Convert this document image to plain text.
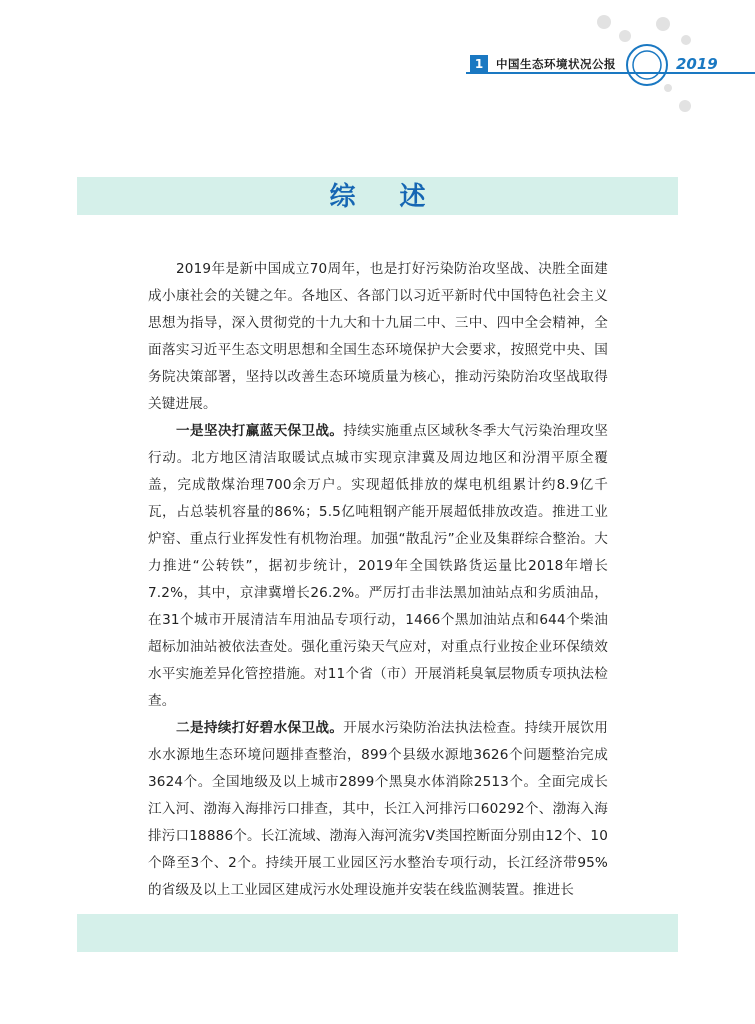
1	中国生态环境状况公报	2019
综述

2019年是新中国成立70周年，也是打好污染防治攻坚战、决胜全面建成小康社会的关键之年。各地区、各部门以习近平新时代中国特色社会主义思想为指导，深入贯彻党的十九大和十九届二中、三中、四中全会精神，全面落实习近平生态文明思想和全国生态环境保护大会要求，按照党中央、国务院决策部署，坚持以改善生态环境质量为核心，推动污染防治攻坚战取得关键进展。

一是坚决打赢蓝天保卫战。持续实施重点区域秋冬季大气污染治理攻坚行动。北方地区清洁取暖试点城市实现京津冀及周边地区和汾渭平原全覆盖，完成散煤治理700余万户。实现超低排放的煤电机组累计约8.9亿千瓦，占总装机容量的86%；5.5亿吨粗钢产能开展超低排放改造。推进工业炉窑、重点行业挥发性有机物治理。加强“散乱污”企业及集群综合整治。大力推进“公转铁”，据初步统计，2019年全国铁路货运量比2018年增长7.2%，其中，京津冀增长26.2%。严厉打击非法黑加油站点和劣质油品，在31个城市开展清洁车用油品专项行动，1466个黑加油站点和644个柴油超标加油站被依法查处。强化重污染天气应对，对重点行业按企业环保绩效水平实施差异化管控措施。对11个省（市）开展消耗臭氧层物质专项执法检查。

二是持续打好碧水保卫战。开展水污染防治法执法检查。持续开展饮用水水源地生态环境问题排查整治，899个县级水源地3626个问题整治完成3624个。全国地级及以上城市2899个黑臭水体消除2513个。全面完成长江入河、渤海入海排污口排查，其中，长江入河排污口60292个、渤海入海排污口18886个。长江流域、渤海入海河流劣Ⅴ类国控断面分别由12个、10个降至3个、2个。持续开展工业园区污水整治专项行动，长江经济带95%的省级及以上工业园区建成污水处理设施并安装在线监测装置。推进长
